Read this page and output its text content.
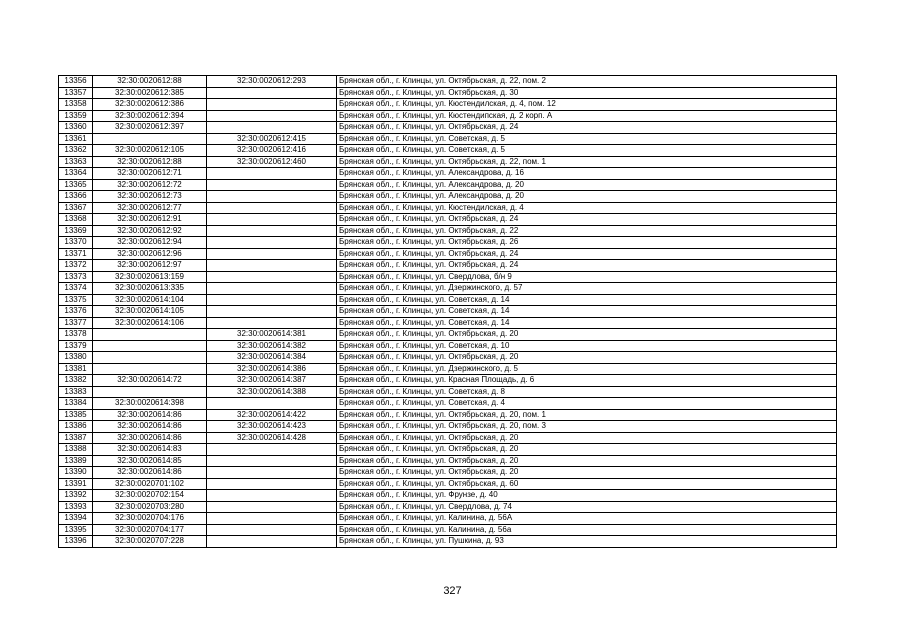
13356	32:30:0020612:88	32:30:0020612:293	Брянская обл., г. Клинцы, ул. Октябрьская, д. 22, пом. 2
13357	32:30:0020612:385		Брянская обл., г. Клинцы, ул. Октябрьская, д. 30
13358	32:30:0020612:386		Брянская обл., г. Клинцы, ул. Кюстендилская, д. 4, пом. 12
13359	32:30:0020612:394		Брянская обл., г. Клинцы, ул. Кюстендипская, д. 2 корп. А
13360	32:30:0020612:397		Брянская обл., г. Клинцы, ул. Октябрьская, д. 24
13361		32:30:0020612:415	Брянская обл., г. Клинцы, ул. Советская, д. 5
13362	32:30:0020612:105	32:30:0020612:416	Брянская обл., г. Клинцы, ул. Советская, д. 5
13363	32:30:0020612:88	32:30:0020612:460	Брянская обл., г. Клинцы, ул. Октябрьская, д. 22, пом. 1
13364	32:30:0020612:71		Брянская обл., г. Клинцы, ул. Александрова, д. 16
13365	32:30:0020612:72		Брянская обл., г. Клинцы, ул. Александрова, д. 20
13366	32:30:0020612:73		Брянская обл., г. Клинцы, ул. Александрова, д. 20
13367	32:30:0020612:77		Брянская обл., г. Клинцы, ул. Кюстендилская, д. 4
13368	32:30:0020612:91		Брянская обл., г. Клинцы, ул. Октябрьская, д. 24
13369	32:30:0020612:92		Брянская обл., г. Клинцы, ул. Октябрьская, д. 22
13370	32:30:0020612:94		Брянская обл., г. Клинцы, ул. Октябрьская, д. 26
13371	32:30:0020612:96		Брянская обл., г. Клинцы, ул. Октябрьская, д. 24
13372	32:30:0020612:97		Брянская обл., г. Клинцы, ул. Октябрьская, д. 24
13373	32:30:0020613:159		Брянская обл., г. Клинцы, ул. Свердлова, б/н 9
13374	32:30:0020613:335		Брянская обл., г. Клинцы, ул. Дзержинского, д. 57
13375	32:30:0020614:104		Брянская обл., г. Клинцы, ул. Советская, д. 14
13376	32:30:0020614:105		Брянская обл., г. Клинцы, ул. Советская, д. 14
13377	32:30:0020614:106		Брянская обл., г. Клинцы, ул. Советская, д. 14
13378		32:30:0020614:381	Брянская обл., г. Клинцы, ул. Октябрьская, д. 20
13379		32:30:0020614:382	Брянская обл., г. Клинцы, ул. Советская, д. 10
13380		32:30:0020614:384	Брянская обл., г. Клинцы, ул. Октябрьская, д. 20
13381		32:30:0020614:386	Брянская обл., г. Клинцы, ул. Дзержинского, д. 5
13382	32:30:0020614:72	32:30:0020614:387	Брянская обл., г. Клинцы, ул. Красная Площадь, д. 6
13383		32:30:0020614:388	Брянская обл., г. Клинцы, ул. Советская, д. 8
13384	32:30:0020614:398		Брянская обл., г. Клинцы, ул. Советская, д. 4
13385	32:30:0020614:86	32:30:0020614:422	Брянская обл., г. Клинцы, ул. Октябрьская, д. 20, пом. 1
13386	32:30:0020614:86	32:30:0020614:423	Брянская обл., г. Клинцы, ул. Октябрьская, д. 20, пом. 3
13387	32:30:0020614:86	32:30:0020614:428	Брянская обл., г. Клинцы, ул. Октябрьская, д. 20
13388	32:30:0020614:83		Брянская обл., г. Клинцы, ул. Октябрьская, д. 20
13389	32:30:0020614:85		Брянская обл., г. Клинцы, ул. Октябрьская, д. 20
13390	32:30:0020614:86		Брянская обл., г. Клинцы, ул. Октябрьская, д. 20
13391	32:30:0020701:102		Брянская обл., г. Клинцы, ул. Октябрьская, д. 60
13392	32:30:0020702:154		Брянская обл., г. Клинцы, ул. Фрунзе, д. 40
13393	32:30:0020703:280		Брянская обл., г. Клинцы, ул. Свердлова, д. 74
13394	32:30:0020704:176		Брянская обл., г. Клинцы, ул. Калинина, д. 56А
13395	32:30:0020704:177		Брянская обл., г. Клинцы, ул. Калинина, д. 56а
13396	32:30:0020707:228		Брянская обл., г. Клинцы, ул. Пушкина, д. 93
327
